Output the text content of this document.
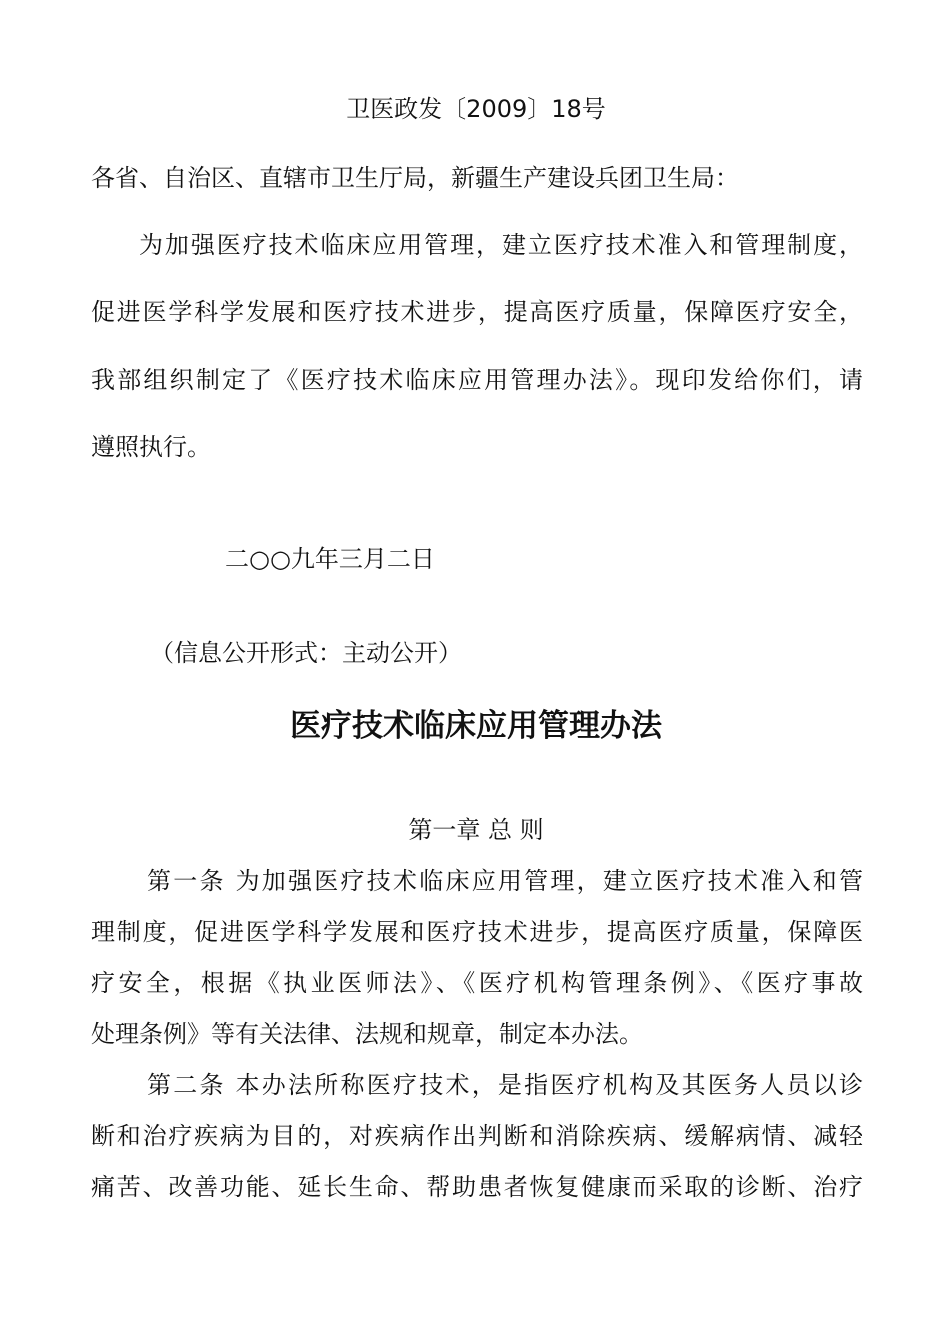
卫医政发〔2009〕18号
各省、自治区、直辖市卫生厅局，新疆生产建设兵团卫生局：
为加强医疗技术临床应用管理，建立医疗技术准入和管理制度，
促进医学科学发展和医疗技术进步，提高医疗质量，保障医疗安全，
我部组织制定了《医疗技术临床应用管理办法》。现印发给你们，请
遵照执行。
二○○九年三月二日
（信息公开形式：主动公开）
医疗技术临床应用管理办法
第一章 总 则
第一条 为加强医疗技术临床应用管理，建立医疗技术准入和管
理制度，促进医学科学发展和医疗技术进步，提高医疗质量，保障医
疗安全，根据《执业医师法》、《医疗机构管理条例》、《医疗事故
处理条例》等有关法律、法规和规章，制定本办法。
第二条 本办法所称医疗技术，是指医疗机构及其医务人员以诊
断和治疗疾病为目的，对疾病作出判断和消除疾病、缓解病情、减轻
痛苦、改善功能、延长生命、帮助患者恢复健康而采取的诊断、治疗
